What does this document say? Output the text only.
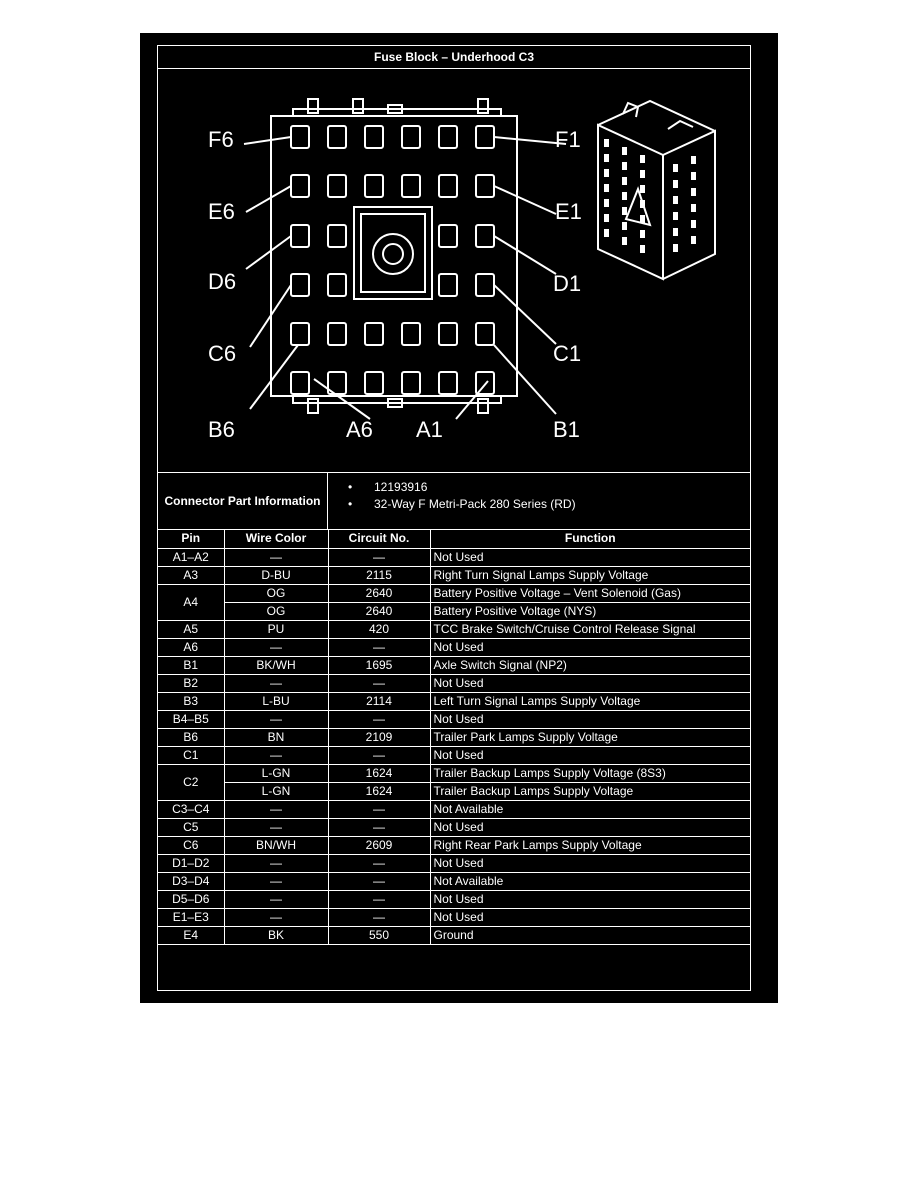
Fuse Block – Underhood C3
F6	F1
E6	E1
D6	D1
C6	C1
B6	A6 A1	B1
Connector Part Information
• 12193916
• 32-Way F Metri-Pack 280 Series (RD)
Pin	Wire Color	Circuit No.	Function
A1–A2	—	—	Not Used
A3	D-BU	2115	Right Turn Signal Lamps Supply Voltage
A4	OG	2640	Battery Positive Voltage – Vent Solenoid (Gas)
	OG	2640	Battery Positive Voltage (NYS)
A5	PU	420	TCC Brake Switch/Cruise Control Release Signal
A6	—	—	Not Used
B1	BK/WH	1695	Axle Switch Signal (NP2)
B2	—	—	Not Used
B3	L-BU	2114	Left Turn Signal Lamps Supply Voltage
B4–B5	—	—	Not Used
B6	BN	2109	Trailer Park Lamps Supply Voltage
C1	—	—	Not Used
C2	L-GN	1624	Trailer Backup Lamps Supply Voltage (8S3)
	L-GN	1624	Trailer Backup Lamps Supply Voltage
C3–C4	—	—	Not Available
C5	—	—	Not Used
C6	BN/WH	2609	Right Rear Park Lamps Supply Voltage
D1–D2	—	—	Not Used
D3–D4	—	—	Not Available
D5–D6	—	—	Not Used
E1–E3	—	—	Not Used
E4	BK	550	Ground
